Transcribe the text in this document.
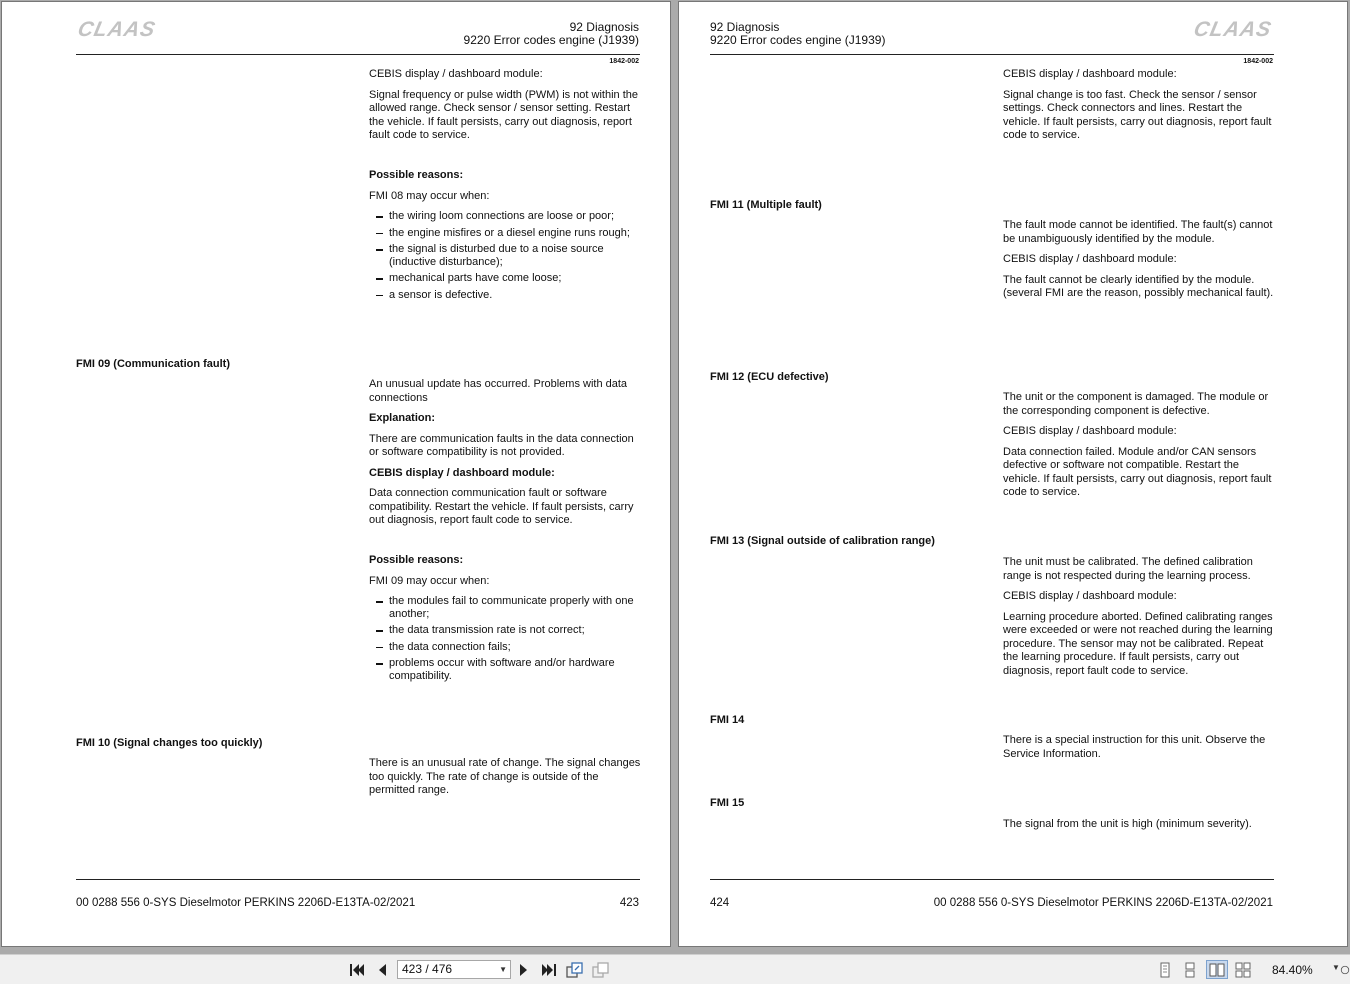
CLAAS	92 Diagnosis
9220 Error codes engine (J1939)
1842-002
CEBIS display / dashboard module:
Signal frequency or pulse width (PWM) is not within the allowed range. Check sensor / sensor setting. Restart the vehicle. If fault persists, carry out diagnosis, report fault code to service.
Possible reasons:
FMI 08 may occur when:
the wiring loom connections are loose or poor;
the engine misfires or a diesel engine runs rough;
the signal is disturbed due to a noise source (inductive disturbance);
mechanical parts have come loose;
a sensor is defective.
FMI 09 (Communication fault)
An unusual update has occurred. Problems with data connections
Explanation:
There are communication faults in the data connection or software compatibility is not provided.
CEBIS display / dashboard module:
Data connection communication fault or software compatibility. Restart the vehicle. If fault persists, carry out diagnosis, report fault code to service.
Possible reasons:
FMI 09 may occur when:
the modules fail to communicate properly with one another;
the data transmission rate is not correct;
the data connection fails;
problems occur with software and/or hardware compatibility.
FMI 10 (Signal changes too quickly)
There is an unusual rate of change. The signal changes too quickly. The rate of change is outside of the permitted range.
00 0288 556 0-SYS Dieselmotor PERKINS 2206D-E13TA-02/2021	423
92 Diagnosis
9220 Error codes engine (J1939)	CLAAS
1842-002
CEBIS display / dashboard module:
Signal change is too fast. Check the sensor / sensor settings. Check connectors and lines. Restart the vehicle. If fault persists, carry out diagnosis, report fault code to service.
FMI 11 (Multiple fault)
The fault mode cannot be identified. The fault(s) cannot be unambiguously identified by the module.
CEBIS display / dashboard module:
The fault cannot be clearly identified by the module. (several FMI are the reason, possibly mechanical fault).
FMI 12 (ECU defective)
The unit or the component is damaged. The module or the corresponding component is defective.
CEBIS display / dashboard module:
Data connection failed. Module and/or CAN sensors defective or software not compatible. Restart the vehicle. If fault persists, carry out diagnosis, report fault code to service.
FMI 13 (Signal outside of calibration range)
The unit must be calibrated. The defined calibration range is not respected during the learning process.
CEBIS display / dashboard module:
Learning procedure aborted. Defined calibrating ranges were exceeded or were not reached during the learning procedure. The sensor may not be calibrated. Repeat the learning procedure. If fault persists, carry out diagnosis, report fault code to service.
FMI 14
There is a special instruction for this unit. Observe the Service Information.
FMI 15
The signal from the unit is high (minimum severity).
424	00 0288 556 0-SYS Dieselmotor PERKINS 2206D-E13TA-02/2021
423 / 476	▼	84.40% ▼
